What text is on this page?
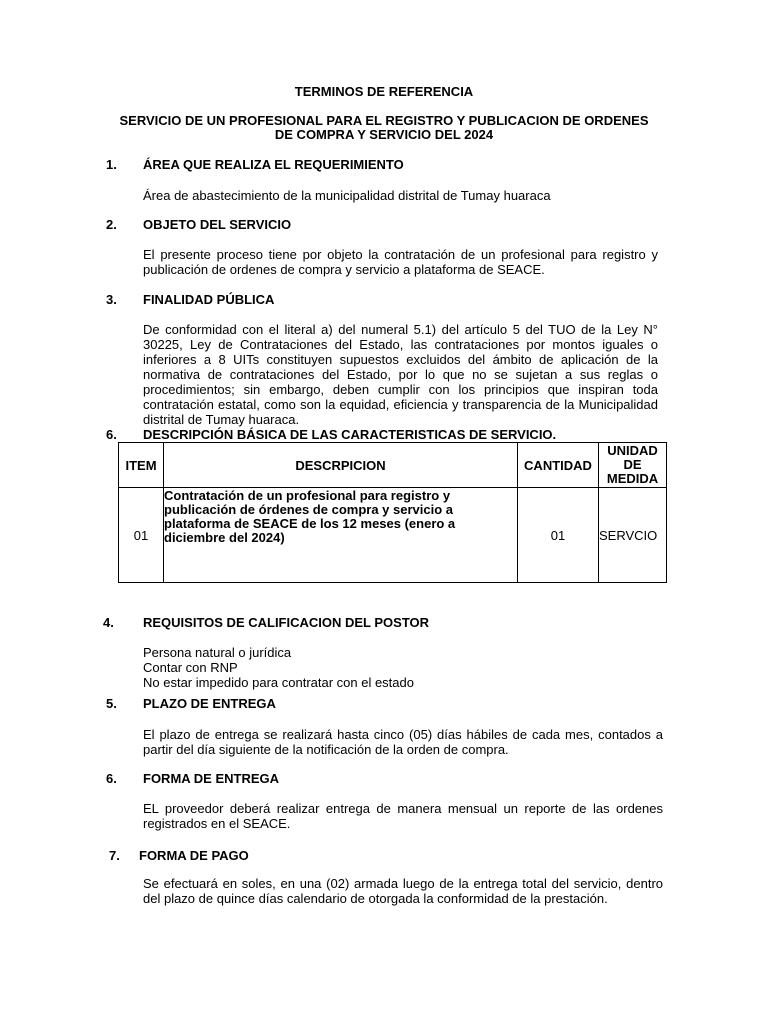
TERMINOS DE REFERENCIA
SERVICIO DE UN PROFESIONAL PARA EL REGISTRO Y PUBLICACION DE ORDENES DE COMPRA Y SERVICIO DEL 2024
1. ÁREA QUE REALIZA EL REQUERIMIENTO
Área de abastecimiento de la municipalidad distrital de Tumay huaraca
2. OBJETO DEL SERVICIO
El presente proceso tiene por objeto la contratación de un profesional para registro y publicación de ordenes de compra y servicio a plataforma de SEACE.
3. FINALIDAD PÚBLICA
De conformidad con el literal a) del numeral 5.1) del artículo 5 del TUO de la Ley N° 30225, Ley de Contrataciones del Estado, las contrataciones por montos iguales o inferiores a 8 UITs constituyen supuestos excluidos del ámbito de aplicación de la normativa de contrataciones del Estado, por lo que no se sujetan a sus reglas o procedimientos; sin embargo, deben cumplir con los principios que inspiran toda contratación estatal, como son la equidad, eficiencia y transparencia de la Municipalidad distrital de Tumay huaraca.
6. DESCRIPCIÓN BÁSICA DE LAS CARACTERISTICAS DE SERVICIO.
ITEM	DESCRPICION	CANTIDAD	UNIDAD DE MEDIDA
01	Contratación de un profesional para registro y publicación de órdenes de compra y servicio a plataforma de SEACE de los 12 meses (enero a diciembre del 2024)	01	SERVCIO
4. REQUISITOS DE CALIFICACION DEL POSTOR
Persona natural o jurídica
Contar con RNP
No estar impedido para contratar con el estado
5. PLAZO DE ENTREGA
El plazo de entrega se realizará hasta cinco (05) días hábiles de cada mes, contados a partir del día siguiente de la notificación de la orden de compra.
6. FORMA DE ENTREGA
EL proveedor deberá realizar entrega de manera mensual un reporte de las ordenes registrados en el SEACE.
7. FORMA DE PAGO
Se efectuará en soles, en una (02) armada luego de la entrega total del servicio, dentro del plazo de quince días calendario de otorgada la conformidad de la prestación.
